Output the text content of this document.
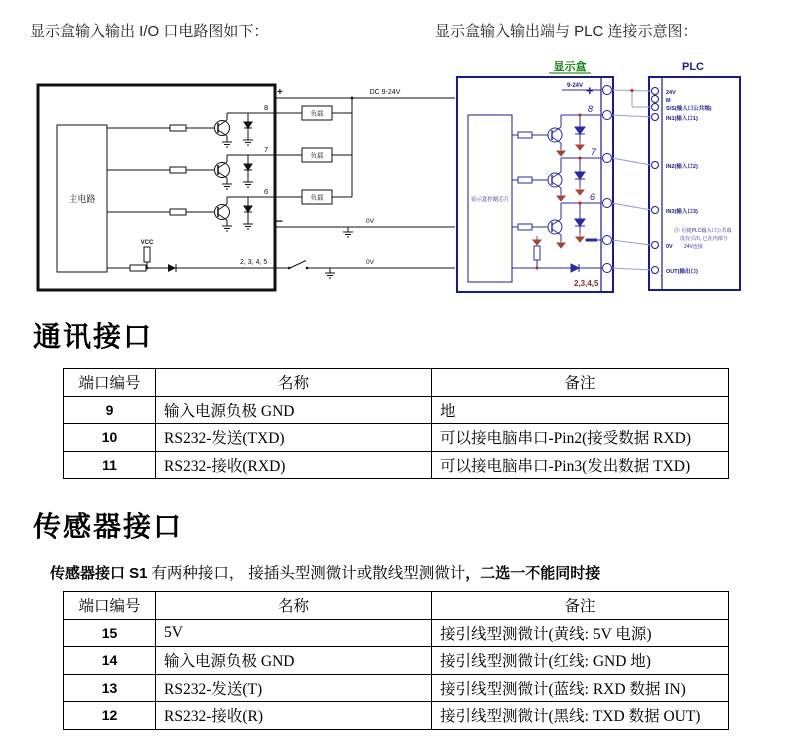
显示盒输入输出 I/O 口电路图如下：	显示盒输入输出端与 PLC 连接示意图：
主电路
负载
负载
负载
+	DC 9-24V
8
7
6
−	0V
VCC
2, 3, 4, 5	0V
显示盒	PLC
显示盒控制芯片
9-24V +
8
7
6
2,3,4,5
24V
M
S/S(输入口公共端)
IN1(输入口1)
IN2(输入口2)
IN3(输入口3)
0V
OUT(输出口)
注: 信捷PLC输入口公共端
没有引出, 已在内部与
24V连接
通讯接口
端口编号	名称	备注
9	输入电源负极 GND	地
10	RS232-发送(TXD)	可以接电脑串口-Pin2(接受数据 RXD)
11	RS232-接收(RXD)	可以接电脑串口-Pin3(发出数据 TXD)
传感器接口

传感器接口 S1 有两种接口， 接插头型测微计或散线型测微计，二选一不能同时接

端口编号	名称	备注
15	5V	接引线型测微计(黄线: 5V 电源)
14	输入电源负极 GND	接引线型测微计(红线: GND 地)
13	RS232-发送(T)	接引线型测微计(蓝线: RXD 数据 IN)
12	RS232-接收(R)	接引线型测微计(黑线: TXD 数据 OUT)
